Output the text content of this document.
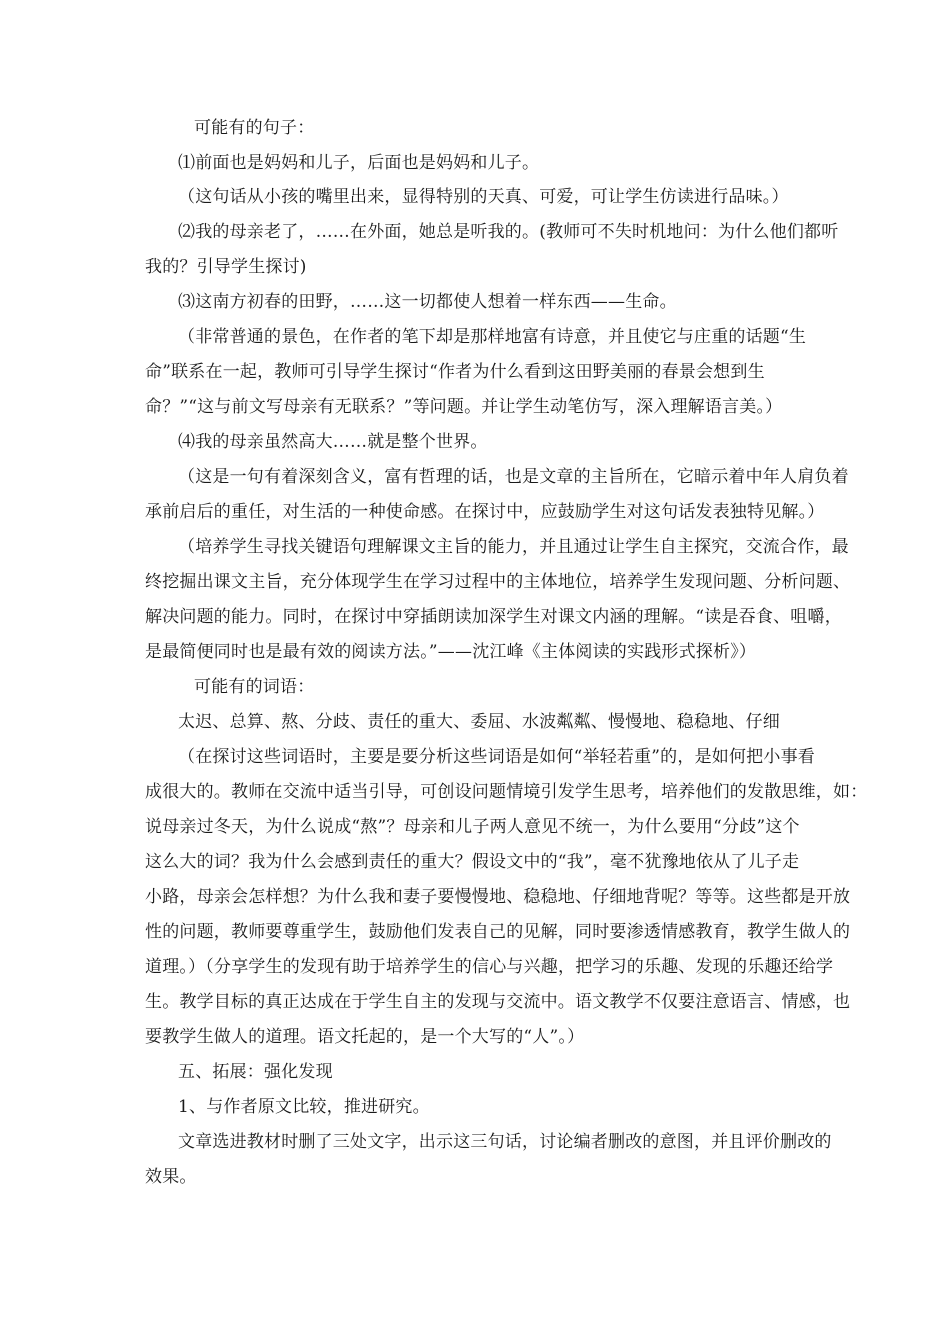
可能有的句子：
⑴前面也是妈妈和儿子，后面也是妈妈和儿子。
（这句话从小孩的嘴里出来，显得特别的天真、可爱，可让学生仿读进行品味。）
⑵我的母亲老了，……在外面，她总是听我的。(教师可不失时机地问：为什么他们都听
我的？引导学生探讨)
⑶这南方初春的田野，……这一切都使人想着一样东西——生命。
（非常普通的景色，在作者的笔下却是那样地富有诗意，并且使它与庄重的话题“生
命”联系在一起，教师可引导学生探讨“作者为什么看到这田野美丽的春景会想到生
命？”“这与前文写母亲有无联系？”等问题。并让学生动笔仿写，深入理解语言美。）
⑷我的母亲虽然高大……就是整个世界。
（这是一句有着深刻含义，富有哲理的话，也是文章的主旨所在，它暗示着中年人肩负着
承前启后的重任，对生活的一种使命感。在探讨中，应鼓励学生对这句话发表独特见解。）
（培养学生寻找关键语句理解课文主旨的能力，并且通过让学生自主探究，交流合作，最
终挖掘出课文主旨，充分体现学生在学习过程中的主体地位，培养学生发现问题、分析问题、
解决问题的能力。同时，在探讨中穿插朗读加深学生对课文内涵的理解。“读是吞食、咀嚼，
是最简便同时也是最有效的阅读方法。”——沈江峰《主体阅读的实践形式探析》）
可能有的词语：
太迟、总算、熬、分歧、责任的重大、委屈、水波粼粼、慢慢地、稳稳地、仔细
（在探讨这些词语时，主要是要分析这些词语是如何“举轻若重”的，是如何把小事看
成很大的。教师在交流中适当引导，可创设问题情境引发学生思考，培养他们的发散思维，如：
说母亲过冬天，为什么说成“熬”？母亲和儿子两人意见不统一，为什么要用“分歧”这个
这么大的词？我为什么会感到责任的重大？假设文中的“我”，毫不犹豫地依从了儿子走
小路，母亲会怎样想？为什么我和妻子要慢慢地、稳稳地、仔细地背呢？等等。这些都是开放
性的问题，教师要尊重学生，鼓励他们发表自己的见解，同时要渗透情感教育，教学生做人的
道理。）（分享学生的发现有助于培养学生的信心与兴趣，把学习的乐趣、发现的乐趣还给学
生。教学目标的真正达成在于学生自主的发现与交流中。语文教学不仅要注意语言、情感，也
要教学生做人的道理。语文托起的，是一个大写的“人”。）
五、拓展：强化发现
1、与作者原文比较，推进研究。
文章选进教材时删了三处文字，出示这三句话，讨论编者删改的意图，并且评价删改的
效果。
